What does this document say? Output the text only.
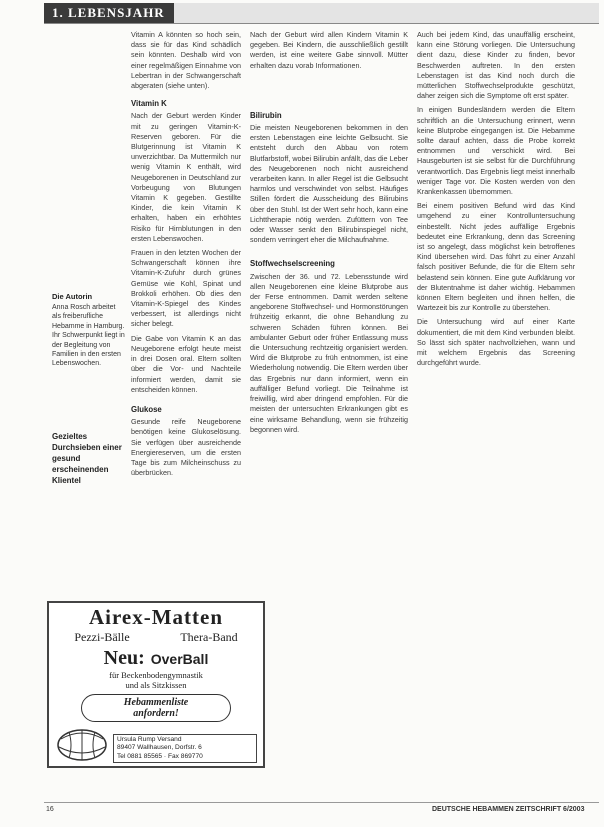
1. LEBENSJAHR
Die Autorin
Anna Rosch arbeitet als freiberufliche Hebamme in Hamburg. Ihr Schwerpunkt liegt in der Begleitung von Familien in den ersten Lebenswochen.
Gezieltes Durchsieben einer gesund erscheinenden Klientel

Vitamin A könnten so hoch sein, dass sie für das Kind schädlich sein könnten. Deshalb wird von einer regelmäßigen Einnahme von Lebertran in der Schwangerschaft abgeraten (siehe unten).

Vitamin K

Nach der Geburt werden Kinder mit zu geringen Vitamin-K-Reserven geboren. Für die Blutgerinnung ist Vitamin K unverzichtbar. Da Muttermilch nur wenig Vitamin K enthält, wird Neugeborenen in Deutschland zur Vorbeugung von Blutungen Vitamin K gegeben. Gestillte Kinder, die kein Vitamin K erhalten, haben ein erhöhtes Risiko für Hirnblutungen in den ersten Lebenswochen.

Frauen in den letzten Wochen der Schwangerschaft können ihre Vitamin-K-Zufuhr durch grünes Gemüse wie Kohl, Spinat und Brokkoli erhöhen. Ob dies den Vitamin-K-Spiegel des Kindes verbessert, ist allerdings nicht sicher belegt.

Die Gabe von Vitamin K an das Neugeborene erfolgt heute meist in drei Dosen oral. Eltern sollten über die Vor- und Nachteile informiert werden, damit sie entscheiden können.

Glukose

Gesunde reife Neugeborene benötigen keine Glukoselösung. Sie verfügen über ausreichende Energiereserven, um die ersten Tage bis zum Milcheinschuss zu überbrücken.

Nach der Geburt wird allen Kindern Vitamin K gegeben. Bei Kindern, die ausschließlich gestillt werden, ist eine weitere Gabe sinnvoll. Mütter erhalten dazu vorab Informationen.

Bilirubin

Die meisten Neugeborenen bekommen in den ersten Lebenstagen eine leichte Gelbsucht. Sie entsteht durch den Abbau von rotem Blutfarbstoff, wobei Bilirubin anfällt, das die Leber des Neugeborenen noch nicht ausreichend verarbeiten kann. In aller Regel ist die Gelbsucht harmlos und verschwindet von selbst. Häufiges Stillen fördert die Ausscheidung des Bilirubins über den Stuhl. Ist der Wert sehr hoch, kann eine Lichttherapie nötig werden. Zufüttern von Tee oder Wasser senkt den Bilirubinspiegel nicht, sondern verringert eher die Milchaufnahme.

Stoffwechselscreening

Zwischen der 36. und 72. Lebensstunde wird allen Neugeborenen eine kleine Blutprobe aus der Ferse entnommen. Damit werden seltene angeborene Stoffwechsel- und Hormonstörungen frühzeitig erkannt, die ohne Behandlung zu schweren Schäden führen können. Bei ambulanter Geburt oder früher Entlassung muss die Untersuchung rechtzeitig organisiert werden. Wird die Blutprobe zu früh entnommen, ist eine Wiederholung notwendig. Die Eltern werden über das Ergebnis nur dann informiert, wenn ein auffälliger Befund vorliegt. Die Teilnahme ist freiwillig, wird aber dringend empfohlen. Für die meisten der untersuchten Erkrankungen gibt es eine wirksame Behandlung, wenn sie frühzeitig begonnen wird.

Auch bei jedem Kind, das unauffällig erscheint, kann eine Störung vorliegen. Die Untersuchung dient dazu, diese Kinder zu finden, bevor Beschwerden auftreten. In den ersten Lebenstagen ist das Kind noch durch die mütterlichen Stoffwechselprodukte geschützt, daher zeigen sich die Symptome oft erst später.

In einigen Bundesländern werden die Eltern schriftlich an die Untersuchung erinnert, wenn keine Blutprobe eingegangen ist. Die Hebamme sollte darauf achten, dass die Probe korrekt entnommen und verschickt wird. Bei Hausgeburten ist sie selbst für die Durchführung verantwortlich. Das Ergebnis liegt meist innerhalb weniger Tage vor. Die Kosten werden von den Krankenkassen übernommen.

Bei einem positiven Befund wird das Kind umgehend zu einer Kontrolluntersuchung einbestellt. Nicht jedes auffällige Ergebnis bedeutet eine Erkrankung, denn das Screening ist so angelegt, dass möglichst kein betroffenes Kind übersehen wird. Das führt zu einer Anzahl falsch positiver Befunde, die für die Eltern sehr belastend sein können. Eine gute Aufklärung vor der Blutentnahme ist daher wichtig. Hebammen können Eltern begleiten und ihnen helfen, die Wartezeit bis zur Kontrolle zu überstehen.

Die Untersuchung wird auf einer Karte dokumentiert, die mit dem Kind verbunden bleibt. So lässt sich später nachvollziehen, wann und mit welchem Ergebnis das Screening durchgeführt wurde.

Airex-Matten
Pezzi-Bälle	Thera-Band
Neu: OverBall
für Beckenbodengymnastik
und als Sitzkissen
Hebammenliste
anfordern!
Ursula Rump Versand
89407 Wallhausen, Dorfstr. 6
Tel 0881 85565 · Fax 869770
16	DEUTSCHE HEBAMMEN ZEITSCHRIFT 6/2003
